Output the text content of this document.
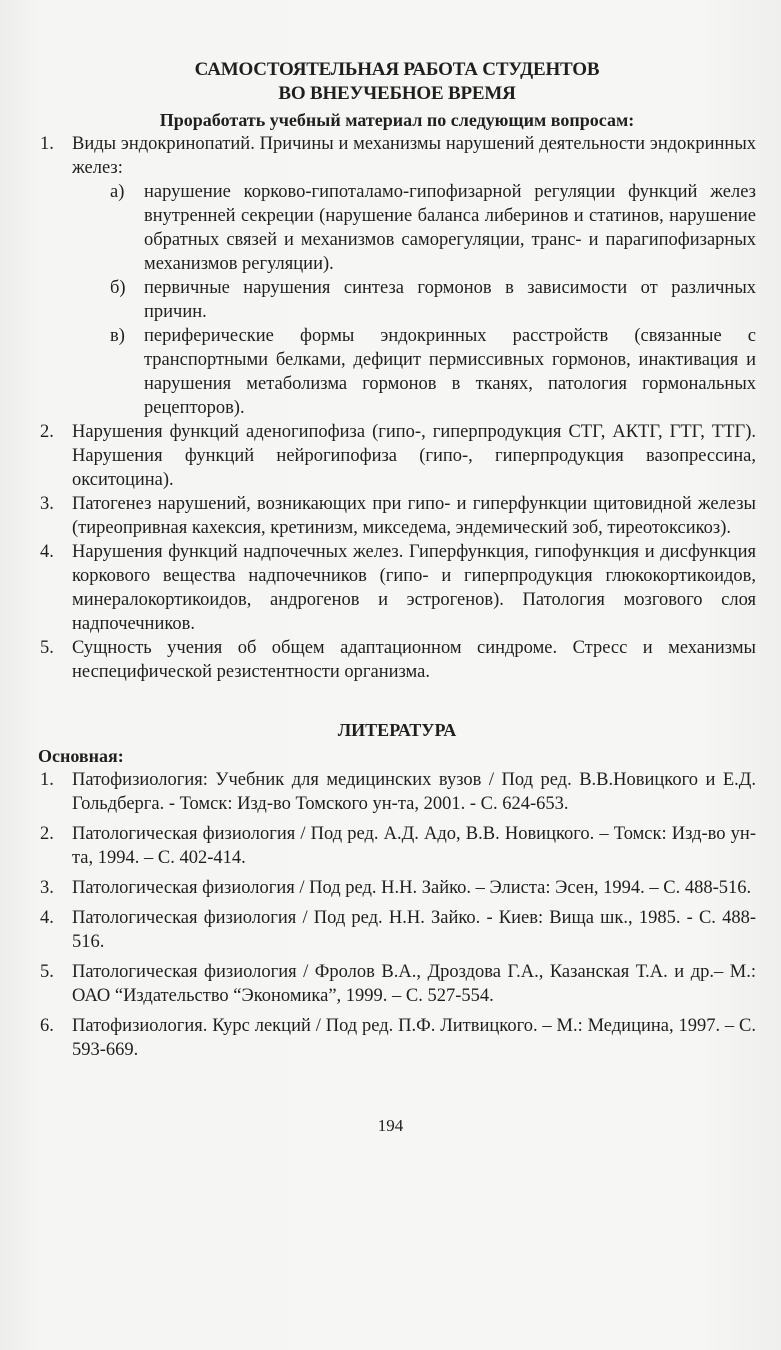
САМОСТОЯТЕЛЬНАЯ РАБОТА СТУДЕНТОВ
ВО ВНЕУЧЕБНОЕ ВРЕМЯ
Проработать учебный материал по следующим вопросам:
1. Виды эндокринопатий. Причины и механизмы нарушений деятельности эндокринных желез:
а) нарушение корково-гипоталамо-гипофизарной регуляции функций желез внутренней секреции (нарушение баланса либеринов и статинов, нарушение обратных связей и механизмов саморегуляции, транс- и парагипофизарных механизмов регуляции).
б) первичные нарушения синтеза гормонов в зависимости от различных причин.
в) периферические формы эндокринных расстройств (связанные с транспортными белками, дефицит пермиссивных гормонов, инактивация и нарушения метаболизма гормонов в тканях, патология гормональных рецепторов).
2. Нарушения функций аденогипофиза (гипо-, гиперпродукция СТГ, АКТГ, ГТГ, ТТГ). Нарушения функций нейрогипофиза (гипо-, гиперпродукция вазопрессина, окситоцина).
3. Патогенез нарушений, возникающих при гипо- и гиперфункции щитовидной железы (тиреопривная кахексия, кретинизм, микседема, эндемический зоб, тиреотоксикоз).
4. Нарушения функций надпочечных желез. Гиперфункция, гипофункция и дисфункция коркового вещества надпочечников (гипо- и гиперпродукция глюкокортикоидов, минералокортикоидов, андрогенов и эстрогенов). Патология мозгового слоя надпочечников.
5. Сущность учения об общем адаптационном синдроме. Стресс и механизмы неспецифической резистентности организма.
ЛИТЕРАТУРА
Основная:
1. Патофизиология: Учебник для медицинских вузов / Под ред. В.В.Новицкого и Е.Д. Гольдберга. - Томск: Изд-во Томского ун-та, 2001. - С. 624-653.
2. Патологическая физиология / Под ред. А.Д. Адо, В.В. Новицкого. – Томск: Изд-во ун-та, 1994. – С. 402-414.
3. Патологическая физиология / Под ред. Н.Н. Зайко. – Элиста: Эсен, 1994. – С. 488-516.
4. Патологическая физиология / Под ред. Н.Н. Зайко. - Киев: Вища шк., 1985. - С. 488-516.
5. Патологическая физиология / Фролов В.А., Дроздова Г.А., Казанская Т.А. и др.– М.: ОАО “Издательство “Экономика”, 1999. – С. 527-554.
6. Патофизиология. Курс лекций / Под ред. П.Ф. Литвицкого. – М.: Медицина, 1997. – С. 593-669.
194
